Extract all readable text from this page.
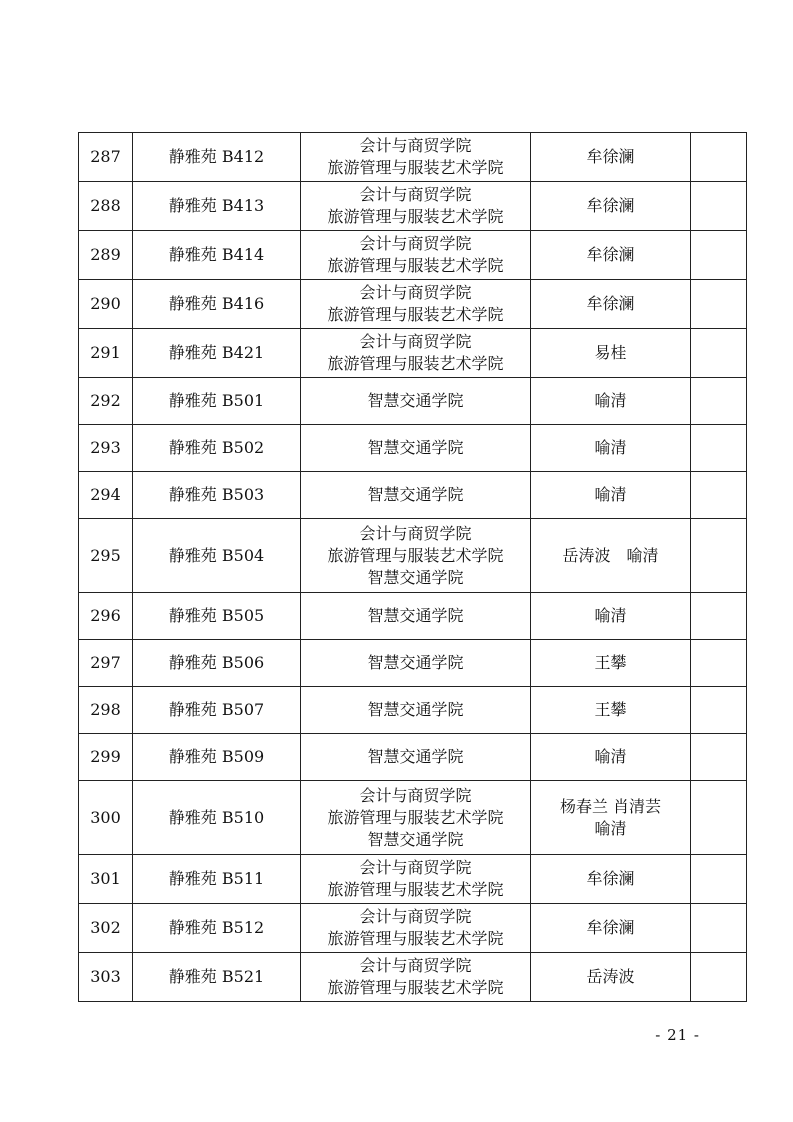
287	静雅苑 B412	会计与商贸学院
旅游管理与服装艺术学院	牟徐澜	

288	静雅苑 B413	会计与商贸学院
旅游管理与服装艺术学院	牟徐澜	

289	静雅苑 B414	会计与商贸学院
旅游管理与服装艺术学院	牟徐澜	

290	静雅苑 B416	会计与商贸学院
旅游管理与服装艺术学院	牟徐澜	

291	静雅苑 B421	会计与商贸学院
旅游管理与服装艺术学院	易桂	

292	静雅苑 B501	智慧交通学院	喻清	

293	静雅苑 B502	智慧交通学院	喻清	

294	静雅苑 B503	智慧交通学院	喻清	

295	静雅苑 B504	会计与商贸学院
旅游管理与服装艺术学院
智慧交通学院	岳涛波　喻清	

296	静雅苑 B505	智慧交通学院	喻清	

297	静雅苑 B506	智慧交通学院	王攀	

298	静雅苑 B507	智慧交通学院	王攀	

299	静雅苑 B509	智慧交通学院	喻清	

300	静雅苑 B510	会计与商贸学院
旅游管理与服装艺术学院
智慧交通学院	杨春兰 肖清芸
喻清	

301	静雅苑 B511	会计与商贸学院
旅游管理与服装艺术学院	牟徐澜	

302	静雅苑 B512	会计与商贸学院
旅游管理与服装艺术学院	牟徐澜	

303	静雅苑 B521	会计与商贸学院
旅游管理与服装艺术学院	岳涛波	

- 21 -
